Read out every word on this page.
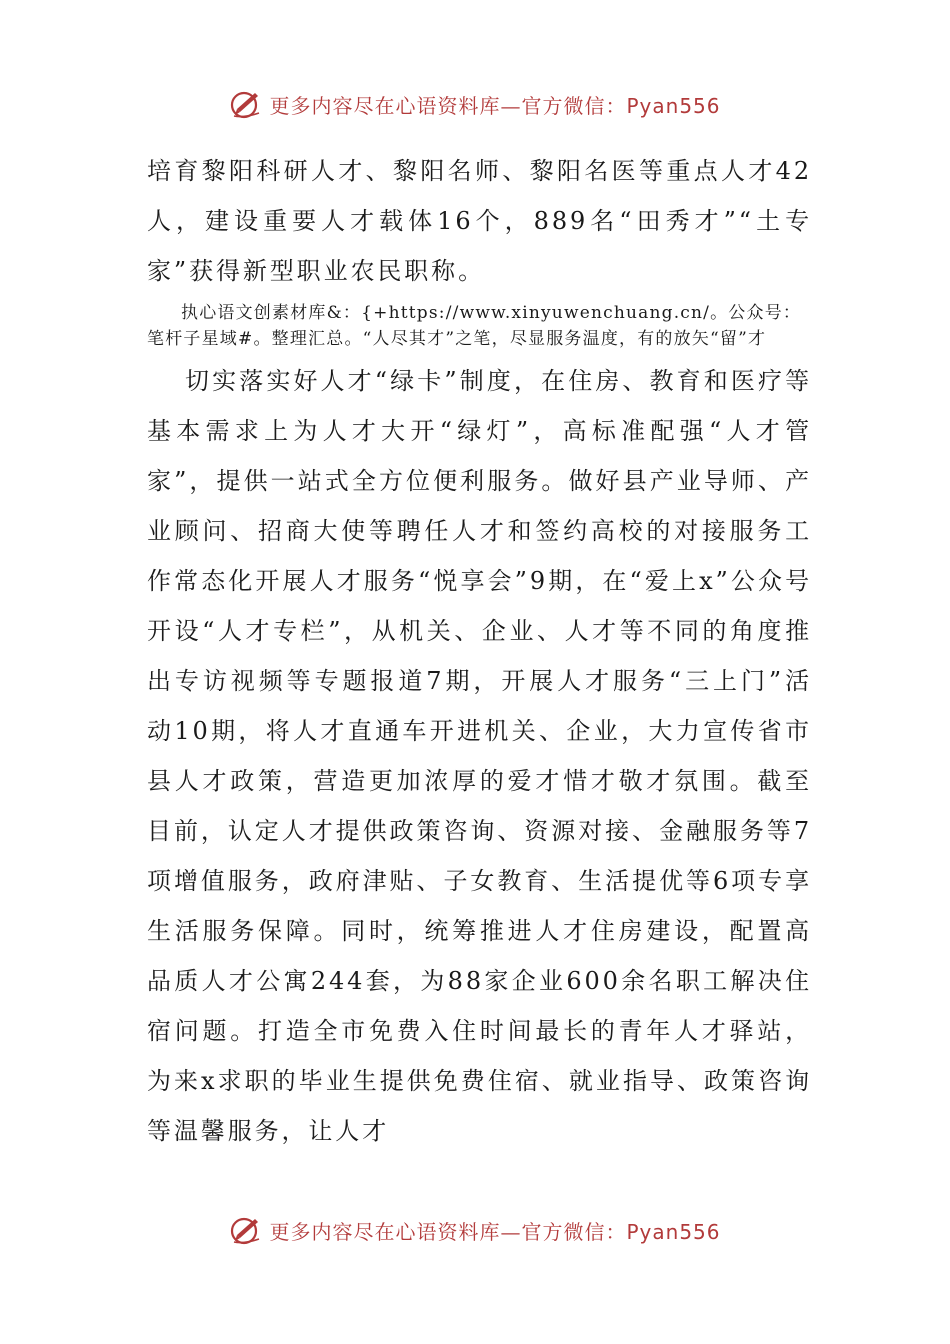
更多内容尽在心语资料库—官方微信：Pyan556

培育黎阳科研人才、黎阳名师、黎阳名医等重点人才42人，建设重要人才载体16个，889名“田秀才”“土专家”获得新型职业农民职称。

执心语文创素材库&：{+https://www.xinyuwenchuang.cn/。公众号：笔杆子星域#。整理汇总。“人尽其才”之笔，尽显服务温度，有的放矢“留”才

切实落实好人才“绿卡”制度，在住房、教育和医疗等基本需求上为人才大开“绿灯”，高标准配强“人才管家”，提供一站式全方位便利服务。做好县产业导师、产业顾问、招商大使等聘任人才和签约高校的对接服务工作常态化开展人才服务“悦享会”9期，在“爱上x”公众号开设“人才专栏”，从机关、企业、人才等不同的角度推出专访视频等专题报道7期，开展人才服务“三上门”活动10期，将人才直通车开进机关、企业，大力宣传省市县人才政策，营造更加浓厚的爱才惜才敬才氛围。截至目前，认定人才提供政策咨询、资源对接、金融服务等7项增值服务，政府津贴、子女教育、生活提优等6项专享生活服务保障。同时，统筹推进人才住房建设，配置高品质人才公寓244套，为88家企业600余名职工解决住宿问题。打造全市免费入住时间最长的青年人才驿站，为来x求职的毕业生提供免费住宿、就业指导、政策咨询等温馨服务，让人才

更多内容尽在心语资料库—官方微信：Pyan556
